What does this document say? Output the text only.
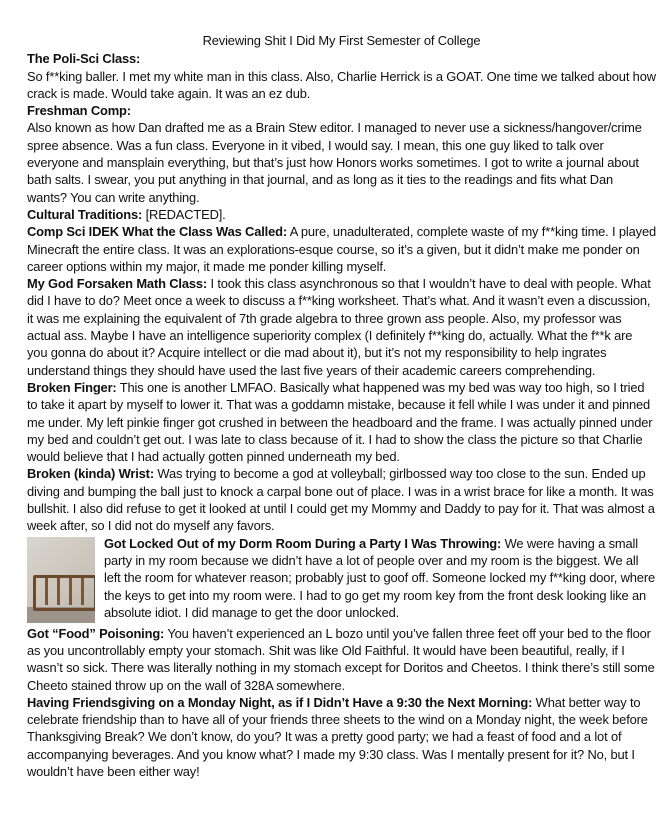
Reviewing Shit I Did My First Semester of College
The Poli-Sci Class:
So f**king baller. I met my white man in this class. Also, Charlie Herrick is a GOAT. One time we talked about how crack is made. Would take again. It was an ez dub.
Freshman Comp:
Also known as how Dan drafted me as a Brain Stew editor. I managed to never use a sickness/hangover/crime spree absence. Was a fun class. Everyone in it vibed, I would say. I mean, this one guy liked to talk over everyone and mansplain everything, but that’s just how Honors works sometimes. I got to write a journal about bath salts. I swear, you put anything in that journal, and as long as it ties to the readings and fits what Dan wants? You can write anything.
Cultural Traditions: [REDACTED].
Comp Sci IDEK What the Class Was Called: A pure, unadulterated, complete waste of my f**king time. I played Minecraft the entire class. It was an explorations-esque course, so it’s a given, but it didn’t make me ponder on career options within my major, it made me ponder killing myself.
My God Forsaken Math Class: I took this class asynchronous so that I wouldn’t have to deal with people. What did I have to do? Meet once a week to discuss a f**king worksheet. That’s what. And it wasn’t even a discussion, it was me explaining the equivalent of 7th grade algebra to three grown ass people. Also, my professor was actual ass. Maybe I have an intelligence superiority complex (I definitely f**king do, actually. What the f**k are you gonna do about it? Acquire intellect or die mad about it), but it’s not my responsibility to help ingrates understand things they should have used the last five years of their academic careers comprehending.
Broken Finger: This one is another LMFAO. Basically what happened was my bed was way too high, so I tried to take it apart by myself to lower it. That was a goddamn mistake, because it fell while I was under it and pinned me under. My left pinkie finger got crushed in between the headboard and the frame. I was actually pinned under my bed and couldn’t get out. I was late to class because of it. I had to show the class the picture so that Charlie would believe that I had actually gotten pinned underneath my bed.
Broken (kinda) Wrist: Was trying to become a god at volleyball; girlbossed way too close to the sun. Ended up diving and bumping the ball just to knock a carpal bone out of place. I was in a wrist brace for like a month. It was bullshit. I also did refuse to get it looked at until I could get my Mommy and Daddy to pay for it. That was almost a week after, so I did not do myself any favors.
Got Locked Out of my Dorm Room During a Party I Was Throwing: We were having a small party in my room because we didn’t have a lot of people over and my room is the biggest. We all left the room for whatever reason; probably just to goof off. Someone locked my f**king door, where the keys to get into my room were. I had to go get my room key from the front desk looking like an absolute idiot. I did manage to get the door unlocked.
Got “Food” Poisoning: You haven’t experienced an L bozo until you’ve fallen three feet off your bed to the floor as you uncontrollably empty your stomach. Shit was like Old Faithful. It would have been beautiful, really, if I wasn’t so sick. There was literally nothing in my stomach except for Doritos and Cheetos. I think there’s still some Cheeto stained throw up on the wall of 328A somewhere.
Having Friendsgiving on a Monday Night, as if I Didn’t Have a 9:30 the Next Morning: What better way to celebrate friendship than to have all of your friends three sheets to the wind on a Monday night, the week before Thanksgiving Break? We don’t know, do you? It was a pretty good party; we had a feast of food and a lot of accompanying beverages. And you know what? I made my 9:30 class. Was I mentally present for it? No, but I wouldn’t have been either way!
